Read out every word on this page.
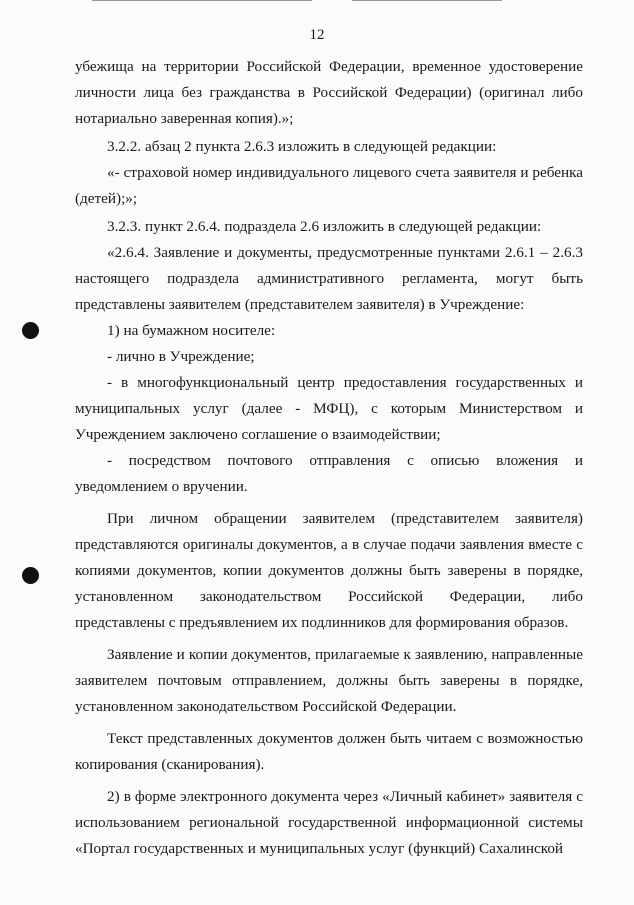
12

убежища на территории Российской Федерации, временное удостоверение личности лица без гражданства в Российской Федерации) (оригинал либо нотариально заверенная копия).»;

3.2.2. абзац 2 пункта 2.6.3 изложить в следующей редакции:

«- страховой номер индивидуального лицевого счета заявителя и ребенка (детей);»;

3.2.3. пункт 2.6.4. подраздела 2.6 изложить в следующей редакции:

«2.6.4. Заявление и документы, предусмотренные пунктами 2.6.1 – 2.6.3 настоящего подраздела административного регламента, могут быть представлены заявителем (представителем заявителя) в Учреждение:

1) на бумажном носителе:

- лично в Учреждение;

- в многофункциональный центр предоставления государственных и муниципальных услуг (далее - МФЦ), с которым Министерством и Учреждением заключено соглашение о взаимодействии;

- посредством почтового отправления с описью вложения и уведомлением о вручении.

При личном обращении заявителем (представителем заявителя) представляются оригиналы документов, а в случае подачи заявления вместе с копиями документов, копии документов должны быть заверены в порядке, установленном законодательством Российской Федерации, либо представлены с предъявлением их подлинников для формирования образов.

Заявление и копии документов, прилагаемые к заявлению, направленные заявителем почтовым отправлением, должны быть заверены в порядке, установленном законодательством Российской Федерации.

Текст представленных документов должен быть читаем с возможностью копирования (сканирования).

2) в форме электронного документа через «Личный кабинет» заявителя с использованием региональной государственной информационной системы «Портал государственных и муниципальных услуг (функций) Сахалинской
